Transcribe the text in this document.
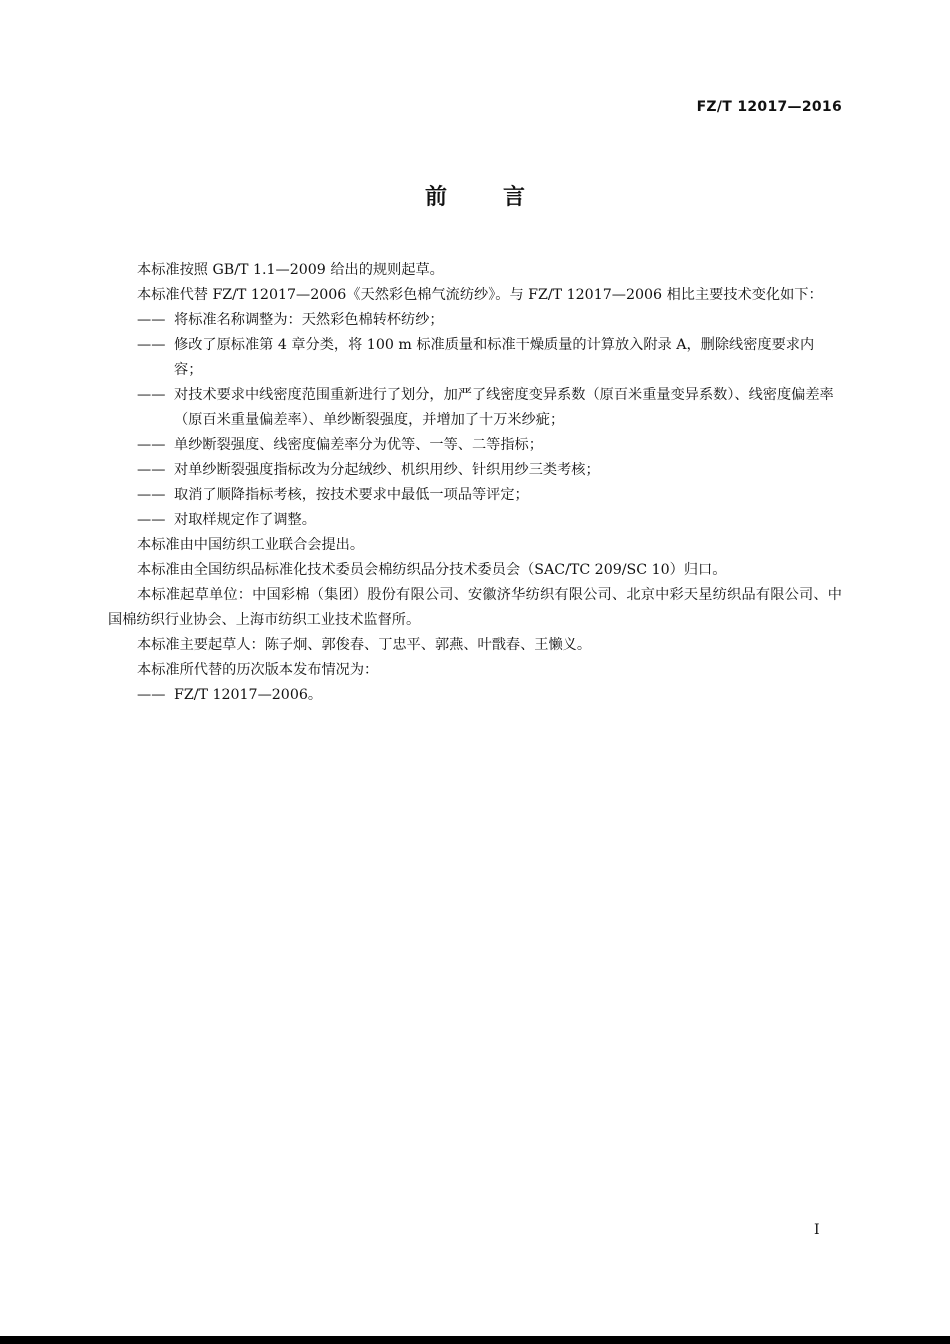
FZ/T 12017—2016
前言

本标准按照 GB/T 1.1—2009 给出的规则起草。

本标准代替 FZ/T 12017—2006《天然彩色棉气流纺纱》。与 FZ/T 12017—2006 相比主要技术变化如下：

—— 将标准名称调整为：天然彩色棉转杯纺纱；

—— 修改了原标准第 4 章分类，将 100 m 标准质量和标准干燥质量的计算放入附录 A，删除线密度要求内容；

—— 对技术要求中线密度范围重新进行了划分，加严了线密度变异系数（原百米重量变异系数）、线密度偏差率（原百米重量偏差率）、单纱断裂强度，并增加了十万米纱疵；

—— 单纱断裂强度、线密度偏差率分为优等、一等、二等指标；

—— 对单纱断裂强度指标改为分起绒纱、机织用纱、针织用纱三类考核；

—— 取消了顺降指标考核，按技术要求中最低一项品等评定；

—— 对取样规定作了调整。

本标准由中国纺织工业联合会提出。

本标准由全国纺织品标准化技术委员会棉纺织品分技术委员会（SAC/TC 209/SC 10）归口。

本标准起草单位：中国彩棉（集团）股份有限公司、安徽济华纺织有限公司、北京中彩天星纺织品有限公司、中国棉纺织行业协会、上海市纺织工业技术监督所。

本标准主要起草人：陈子炯、郭俊春、丁忠平、郭燕、叶戬春、王懒义。

本标准所代替的历次版本发布情况为：

—— FZ/T 12017—2006。

I
